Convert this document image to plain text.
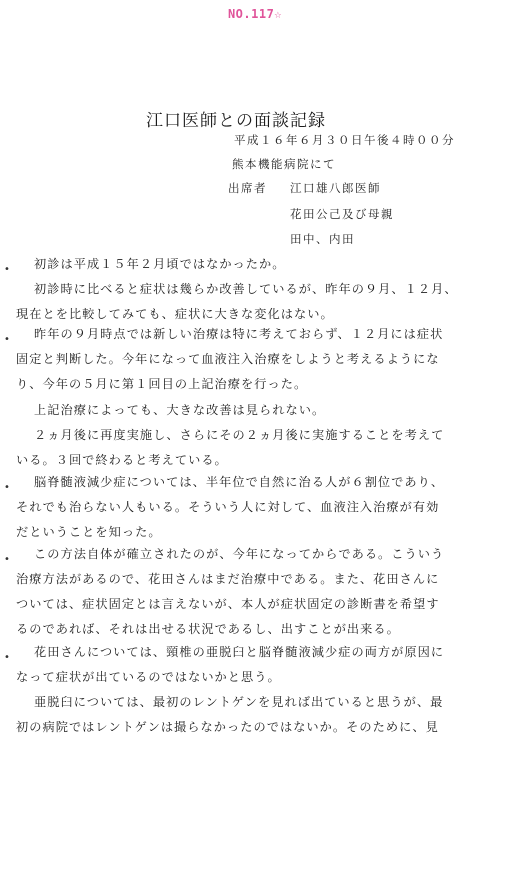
NO.117☆
江口医師との面談記録
平成１６年６月３０日午後４時００分
熊本機能病院にて
出席者 江口雄八郎医師
花田公己及び母親
田中、内田
• 初診は平成１５年２月頃ではなかったか。
初診時に比べると症状は幾らか改善しているが、昨年の９月、１２月、
現在とを比較してみても、症状に大きな変化はない。
• 昨年の９月時点では新しい治療は特に考えておらず、１２月には症状
固定と判断した。今年になって血液注入治療をしようと考えるようにな
り、今年の５月に第１回目の上記治療を行った。
上記治療によっても、大きな改善は見られない。
２ヵ月後に再度実施し、さらにその２ヵ月後に実施することを考えて
いる。３回で終わると考えている。
• 脳脊髄液減少症については、半年位で自然に治る人が６割位であり、
それでも治らない人もいる。そういう人に対して、血液注入治療が有効
だということを知った。
• この方法自体が確立されたのが、今年になってからである。こういう
治療方法があるので、花田さんはまだ治療中である。また、花田さんに
ついては、症状固定とは言えないが、本人が症状固定の診断書を希望す
るのであれば、それは出せる状況であるし、出すことが出来る。
• 花田さんについては、頸椎の亜脱臼と脳脊髄液減少症の両方が原因に
なって症状が出ているのではないかと思う。
亜脱臼については、最初のレントゲンを見れば出ていると思うが、最
初の病院ではレントゲンは撮らなかったのではないか。そのために、見
